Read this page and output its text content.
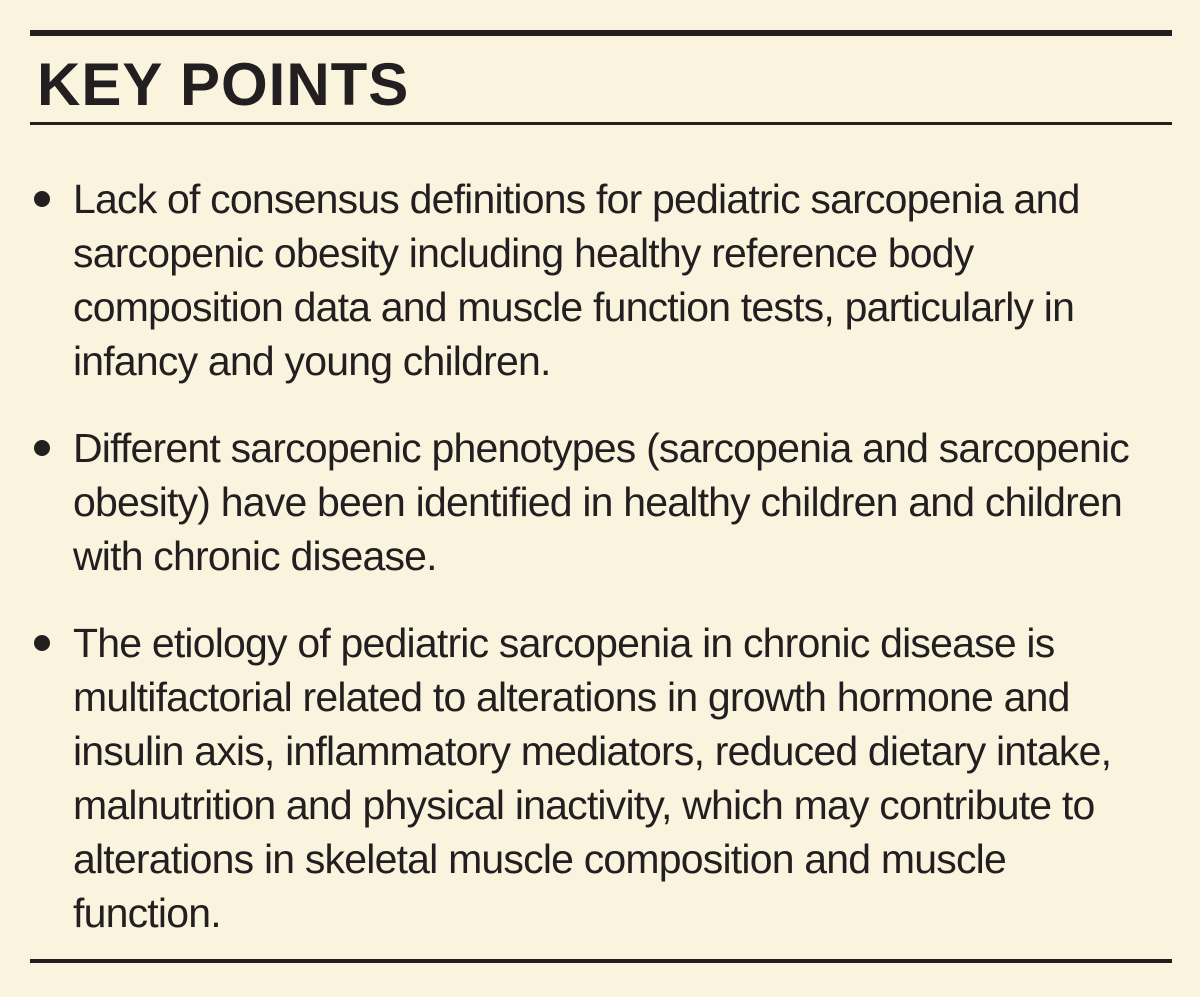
KEY POINTS
Lack of consensus definitions for pediatric sarcopenia and sarcopenic obesity including healthy reference body composition data and muscle function tests, particularly in infancy and young children.
Different sarcopenic phenotypes (sarcopenia and sarcopenic obesity) have been identified in healthy children and children with chronic disease.
The etiology of pediatric sarcopenia in chronic disease is multifactorial related to alterations in growth hormone and insulin axis, inflammatory mediators, reduced dietary intake, malnutrition and physical inactivity, which may contribute to alterations in skeletal muscle composition and muscle function.
